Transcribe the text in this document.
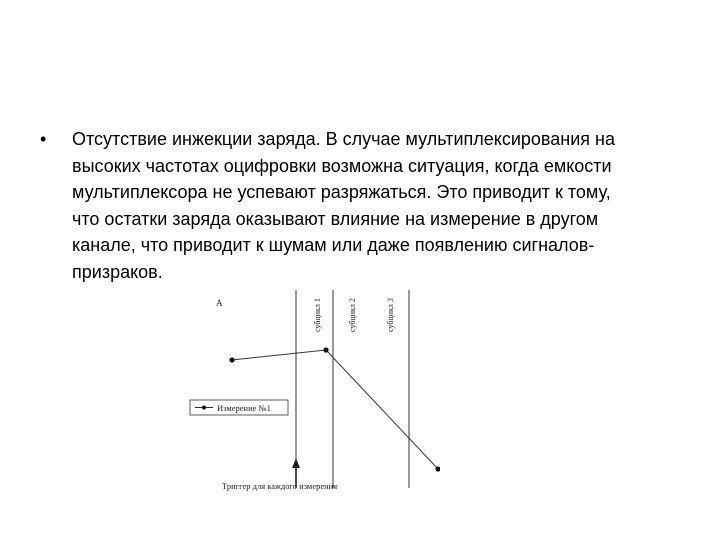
•	Отсутствие инжекции заряда. В случае мультиплексирования на
высоких частотах оцифровки возможна ситуация, когда емкости
мультиплексора не успевают разряжаться. Это приводит к тому,
что остатки заряда оказывают влияние на измерение в другом
канале, что приводит к шумам или даже появлению сигналов-
призраков.
A	субцикл 1	субцикл 2	субцикл 3
Измерение №1
Триггер для каждого измерения
